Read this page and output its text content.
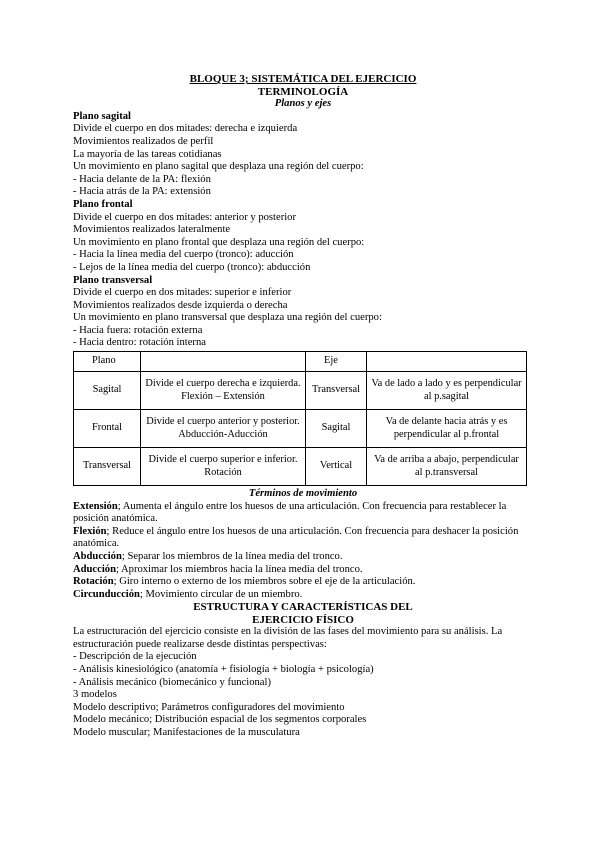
BLOQUE 3; SISTEMÁTICA DEL EJERCICIO
TERMINOLOGÍA
Planos y ejes
Plano sagital
Divide el cuerpo en dos mitades: derecha e izquierda
Movimientos realizados de perfil
La mayoría de las tareas cotidianas
Un movimiento en plano sagital que desplaza una región del cuerpo:
- Hacia delante de la PA: flexión
- Hacia atrás de la PA: extensión
Plano frontal
Divide el cuerpo en dos mitades: anterior y posterior
Movimientos realizados lateralmente
Un movimiento en plano frontal que desplaza una región del cuerpo:
- Hacia la línea media del cuerpo (tronco): aducción
- Lejos de la línea media del cuerpo (tronco): abducción
Plano transversal
Divide el cuerpo en dos mitades: superior e inferior
Movimientos realizados desde izquierda o derecha
Un movimiento en plano transversal que desplaza una región del cuerpo:
- Hacia fuera: rotación externa
- Hacia dentro: rotación interna
Plano		Eje	
Sagital	Divide el cuerpo derecha e izquierda. Flexión – Extensión	Transversal	Va de lado a lado y es perpendicular al p.sagital
Frontal	Divide el cuerpo anterior y posterior. Abducción-Aducción	Sagital	Va de delante hacia atrás y es perpendicular al p.frontal
Transversal	Divide el cuerpo superior e inferior. Rotación	Vertical	Va de arriba a abajo, perpendicular al p.transversal
Términos de movimiento
Extensión; Aumenta el ángulo entre los huesos de una articulación. Con frecuencia para restablecer la posición anatómica.
Flexión; Reduce el ángulo entre los huesos de una articulación. Con frecuencia para deshacer la posición anatómica.
Abducción; Separar los miembros de la línea media del tronco.
Aducción; Aproximar los miembros hacia la línea media del tronco.
Rotación; Giro interno o externo de los miembros sobre el eje de la articulación.
Circunducción; Movimiento circular de un miembro.
ESTRUCTURA Y CARACTERÍSTICAS DEL
EJERCICIO FÍSICO
La estructuración del ejercicio consiste en la división de las fases del movimiento para su análisis. La estructuración puede realizarse desde distintas perspectivas:
- Descripción de la ejecución
- Análisis kinesiológico (anatomía + fisiología + biología + psicología)
- Análisis mecánico (biomecánico y funcional)
3 modelos
Modelo descriptivo; Parámetros configuradores del movimiento
Modelo mecánico; Distribución espacial de los segmentos corporales
Modelo muscular; Manifestaciones de la musculatura
